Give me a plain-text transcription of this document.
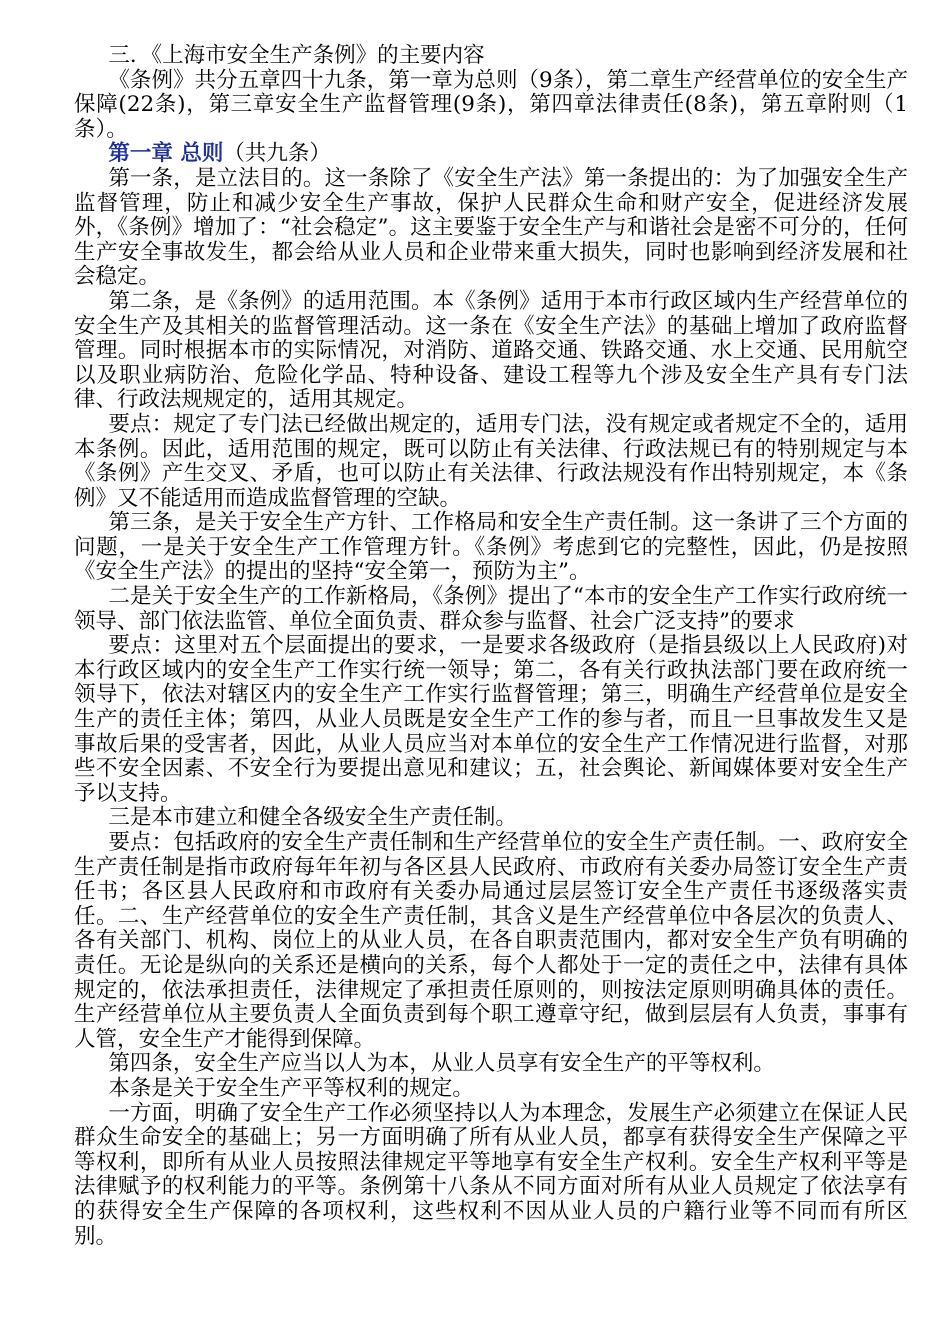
三．《上海市安全生产条例》的主要内容

《条例》共分五章四十九条，第一章为总则（9条），第二章生产经营单位的安全生产保障(22条)，第三章安全生产监督管理(9条)，第四章法律责任(8条)，第五章附则（1条）。

第一章 总则（共九条）

第一条，是立法目的。这一条除了《安全生产法》第一条提出的：为了加强安全生产监督管理，防止和减少安全生产事故，保护人民群众生命和财产安全，促进经济发展外，《条例》增加了：“社会稳定”。这主要鉴于安全生产与和谐社会是密不可分的，任何生产安全事故发生，都会给从业人员和企业带来重大损失，同时也影响到经济发展和社会稳定。

第二条，是《条例》的适用范围。本《条例》适用于本市行政区域内生产经营单位的安全生产及其相关的监督管理活动。这一条在《安全生产法》的基础上增加了政府监督管理。同时根据本市的实际情况，对消防、道路交通、铁路交通、水上交通、民用航空以及职业病防治、危险化学品、特种设备、建设工程等九个涉及安全生产具有专门法律、行政法规规定的，适用其规定。

要点：规定了专门法已经做出规定的，适用专门法，没有规定或者规定不全的，适用本条例。因此，适用范围的规定，既可以防止有关法律、行政法规已有的特别规定与本《条例》产生交叉、矛盾，也可以防止有关法律、行政法规没有作出特别规定，本《条例》又不能适用而造成监督管理的空缺。

第三条，是关于安全生产方针、工作格局和安全生产责任制。这一条讲了三个方面的问题，一是关于安全生产工作管理方针。《条例》考虑到它的完整性，因此，仍是按照《安全生产法》的提出的坚持“安全第一，预防为主”。

二是关于安全生产的工作新格局，《条例》提出了“本市的安全生产工作实行政府统一领导、部门依法监管、单位全面负责、群众参与监督、社会广泛支持”的要求

要点：这里对五个层面提出的要求，一是要求各级政府（是指县级以上人民政府)对本行政区域内的安全生产工作实行统一领导；第二，各有关行政执法部门要在政府统一领导下，依法对辖区内的安全生产工作实行监督管理；第三，明确生产经营单位是安全生产的责任主体；第四，从业人员既是安全生产工作的参与者，而且一旦事故发生又是事故后果的受害者，因此，从业人员应当对本单位的安全生产工作情况进行监督，对那些不安全因素、不安全行为要提出意见和建议；五，社会舆论、新闻媒体要对安全生产予以支持。

三是本市建立和健全各级安全生产责任制。

要点：包括政府的安全生产责任制和生产经营单位的安全生产责任制。一、政府安全生产责任制是指市政府每年年初与各区县人民政府、市政府有关委办局签订安全生产责任书；各区县人民政府和市政府有关委办局通过层层签订安全生产责任书逐级落实责任。二、生产经营单位的安全生产责任制，其含义是生产经营单位中各层次的负责人、各有关部门、机构、岗位上的从业人员，在各自职责范围内，都对安全生产负有明确的责任。无论是纵向的关系还是横向的关系，每个人都处于一定的责任之中，法律有具体规定的，依法承担责任，法律规定了承担责任原则的，则按法定原则明确具体的责任。生产经营单位从主要负责人全面负责到每个职工遵章守纪，做到层层有人负责，事事有人管，安全生产才能得到保障。

第四条，安全生产应当以人为本，从业人员享有安全生产的平等权利。

本条是关于安全生产平等权利的规定。

一方面，明确了安全生产工作必须坚持以人为本理念，发展生产必须建立在保证人民群众生命安全的基础上；另一方面明确了所有从业人员，都享有获得安全生产保障之平等权利，即所有从业人员按照法律规定平等地享有安全生产权利。安全生产权利平等是法律赋予的权利能力的平等。条例第十八条从不同方面对所有从业人员规定了依法享有的获得安全生产保障的各项权利，这些权利不因从业人员的户籍行业等不同而有所区别。
